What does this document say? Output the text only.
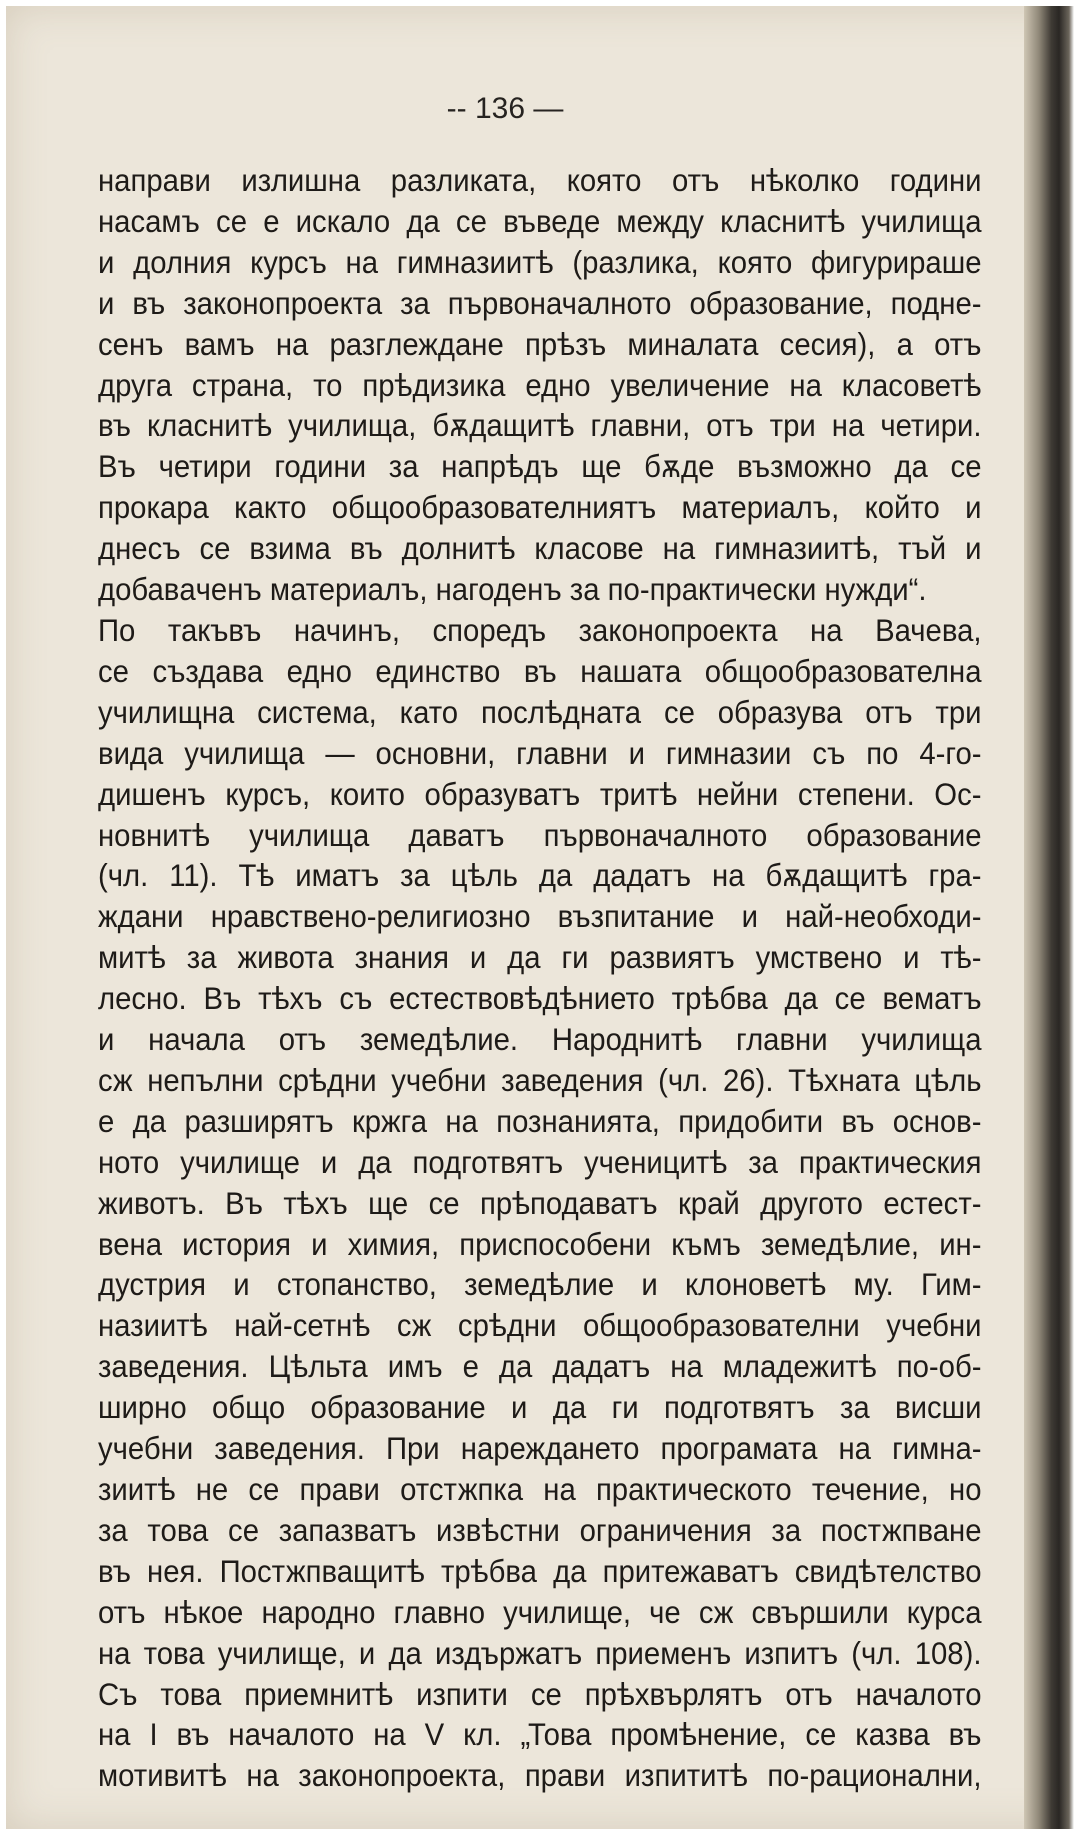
-- 136 —
направи излишна разликата, която отъ нѣколко години
насамъ се е искало да се въведе между класнитѣ училища
и долния курсъ на гимназиитѣ (разлика, която фигурираше
и въ законопроекта за първоначалното образование, подне-
сенъ вамъ на разглеждане прѣзъ миналата сесия), а отъ
друга страна, то прѣдизика едно увеличение на класоветѣ
въ класнитѣ училища, бѫдащитѣ главни, отъ три на четири.
Въ четири години за напрѣдъ ще бѫде възможно да се
прокара както общообразователниятъ материалъ, който и
днесъ се взима въ долнитѣ класове на гимназиитѣ, тъй и
добавaченъ материалъ, нагоденъ за по-практически нужди“.
По такъвъ начинъ, споредъ законопроекта на Вачева,
се създава едно единство въ нашата общообразователна
училищна система, като послѣдната се образува отъ три
вида училища — основни, главни и гимназии съ по 4-го-
дишенъ курсъ, които образуватъ тритѣ нейни степени. Ос-
новнитѣ училища даватъ първоначалното образование
(чл. 11). Тѣ иматъ за цѣль да дадатъ на бѫдащитѣ гра-
ждани нравствено-религиозно възпитание и най-необходи-
митѣ за живота знания и да ги развиятъ умствено и тѣ-
лесно. Въ тѣхъ съ естествовѣдѣнието трѣбва да се вематъ
и начала отъ земедѣлие. Народнитѣ главни училища
сж непълни срѣдни учебни заведения (чл. 26). Тѣхната цѣль
е да разширятъ кржга на познанията, придобити въ основ-
ното училище и да подготвятъ ученицитѣ за практическия
животъ. Въ тѣхъ ще се прѣподаватъ край другото естест-
вена история и химия, приспособени къмъ земедѣлие, ин-
дустрия и стопанство, земедѣлие и клоноветѣ му. Гим-
назиитѣ най-сетнѣ сж срѣдни общообразователни учебни
заведения. Цѣльта имъ е да дадатъ на младежитѣ по-об-
ширно общо образование и да ги подготвятъ за висши
учебни заведения. При нареждането програмата на гимна-
зиитѣ не се прави отстжпка на практическото течение, но
за това се запазватъ извѣстни ограничения за постжпване
въ нея. Постжпващитѣ трѣбва да притежаватъ свидѣтелство
отъ нѣкое народно главно училище, че сж свършили курса
на това училище, и да издържатъ приеменъ изпитъ (чл. 108).
Съ това приемнитѣ изпити се прѣхвърлятъ отъ началото
на I въ началото на V кл. „Това промѣнение, се казва въ
мотивитѣ на законопроекта, прави изпититѣ по-рационални,
